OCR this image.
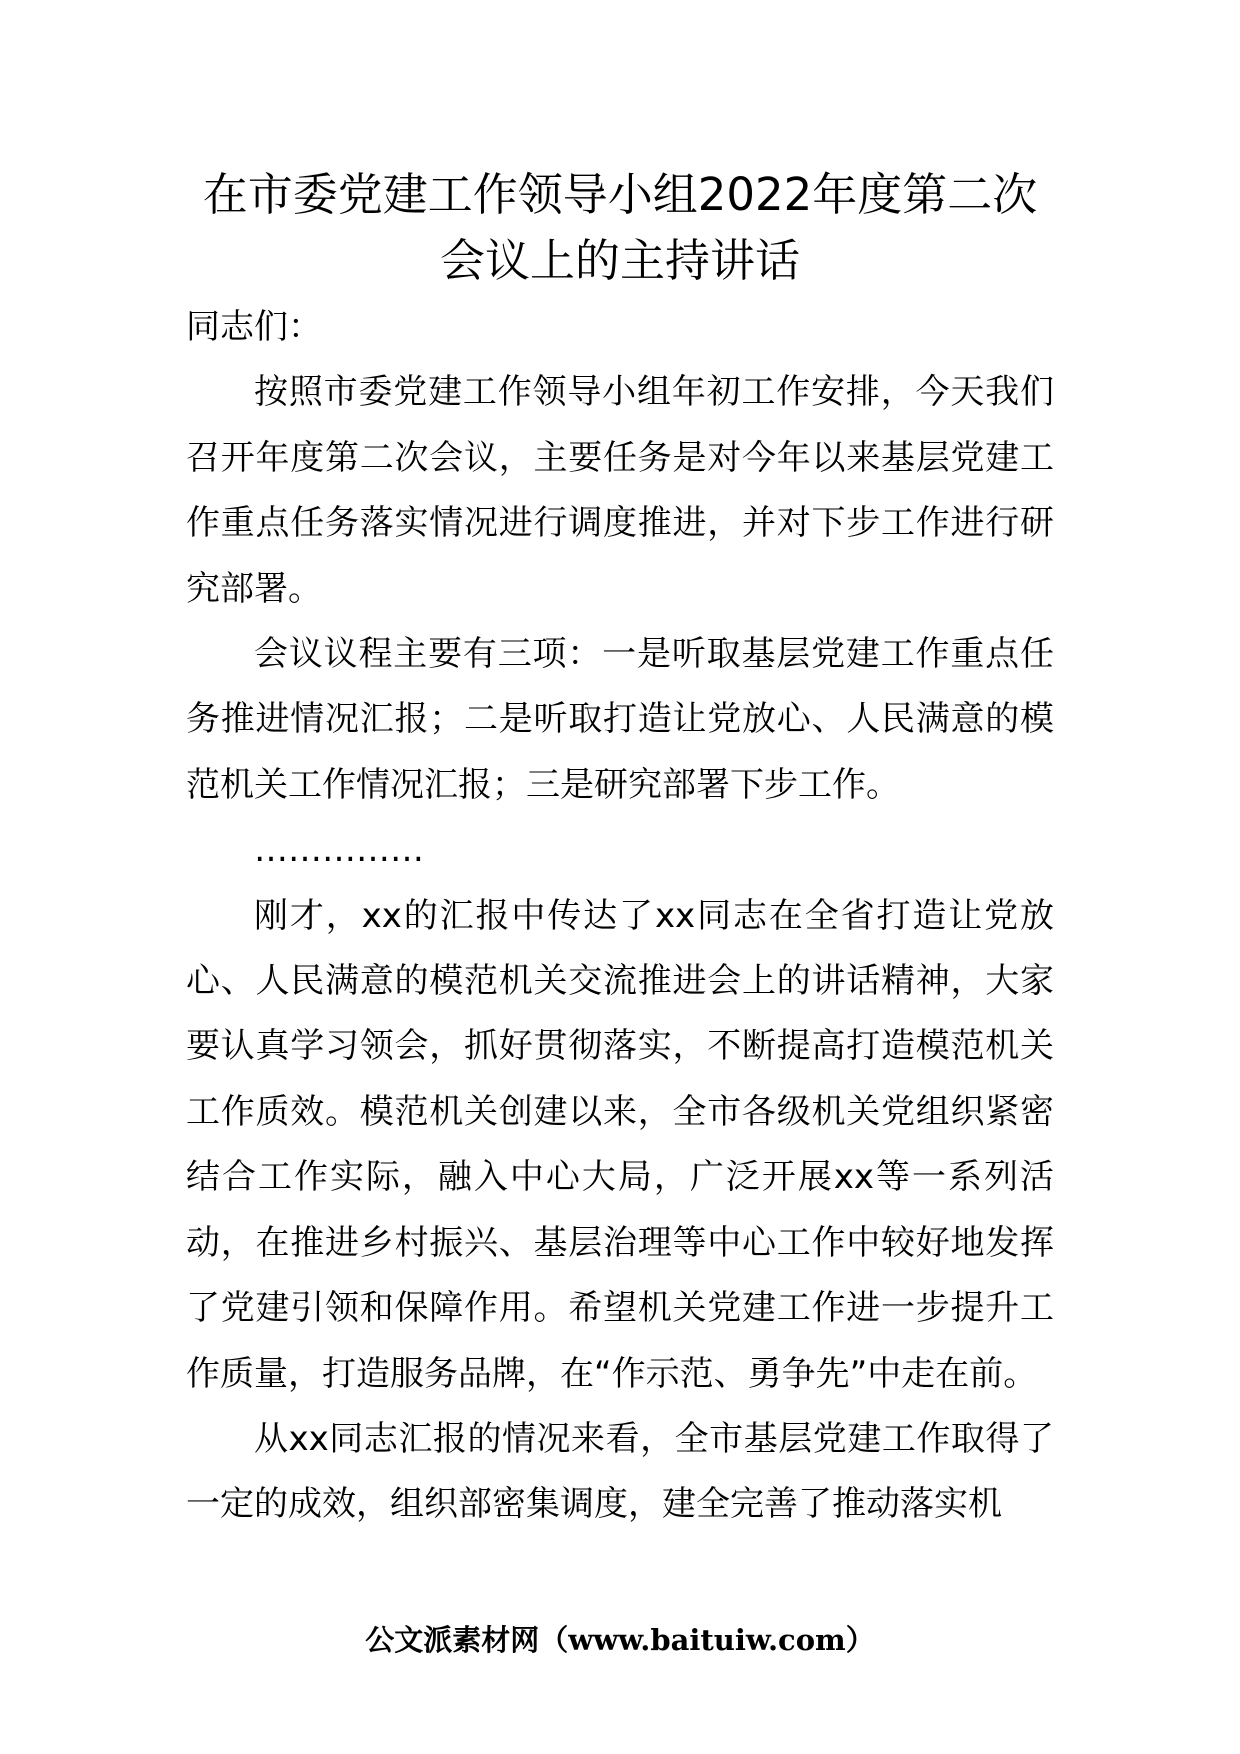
在市委党建工作领导小组2022年度第二次
会议上的主持讲话

同志们：

按照市委党建工作领导小组年初工作安排，今天我们召开年度第二次会议，主要任务是对今年以来基层党建工作重点任务落实情况进行调度推进，并对下步工作进行研究部署。

会议议程主要有三项：一是听取基层党建工作重点任务推进情况汇报；二是听取打造让党放心、人民满意的模范机关工作情况汇报；三是研究部署下步工作。

……………

刚才，xx的汇报中传达了xx同志在全省打造让党放心、人民满意的模范机关交流推进会上的讲话精神，大家要认真学习领会，抓好贯彻落实，不断提高打造模范机关工作质效。模范机关创建以来，全市各级机关党组织紧密结合工作实际，融入中心大局，广泛开展xx等一系列活动，在推进乡村振兴、基层治理等中心工作中较好地发挥了党建引领和保障作用。希望机关党建工作进一步提升工作质量，打造服务品牌，在“作示范、勇争先”中走在前。

从xx同志汇报的情况来看，全市基层党建工作取得了一定的成效，组织部密集调度，建全完善了推动落实机

公文派素材网（www.baituiw.com）
